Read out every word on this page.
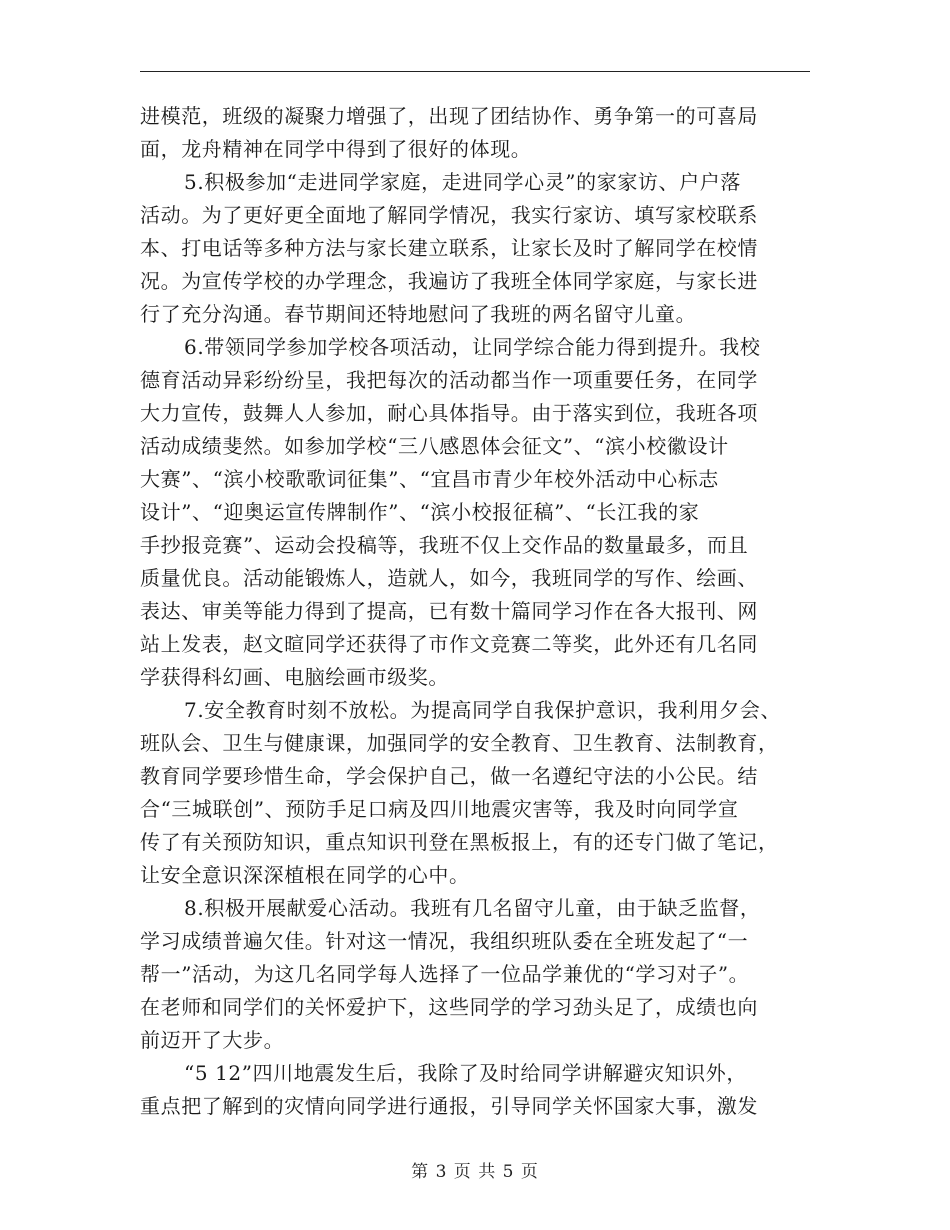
进模范，班级的凝聚力增强了，出现了团结协作、勇争第一的可喜局
面，龙舟精神在同学中得到了很好的体现。
5.积极参加“走进同学家庭，走进同学心灵”的家家访、户户落
活动。为了更好更全面地了解同学情况，我实行家访、填写家校联系
本、打电话等多种方法与家长建立联系，让家长及时了解同学在校情
况。为宣传学校的办学理念，我遍访了我班全体同学家庭，与家长进
行了充分沟通。春节期间还特地慰问了我班的两名留守儿童。
6.带领同学参加学校各项活动，让同学综合能力得到提升。我校
德育活动异彩纷纷呈，我把每次的活动都当作一项重要任务，在同学
大力宣传，鼓舞人人参加，耐心具体指导。由于落实到位，我班各项
活动成绩斐然。如参加学校“三八感恩体会征文”、“滨小校徽设计
大赛”、“滨小校歌歌词征集”、“宜昌市青少年校外活动中心标志
设计”、“迎奥运宣传牌制作”、“滨小校报征稿”、“长江我的家
手抄报竞赛”、运动会投稿等，我班不仅上交作品的数量最多，而且
质量优良。活动能锻炼人，造就人，如今，我班同学的写作、绘画、
表达、审美等能力得到了提高，已有数十篇同学习作在各大报刊、网
站上发表，赵文暄同学还获得了市作文竞赛二等奖，此外还有几名同
学获得科幻画、电脑绘画市级奖。
7.安全教育时刻不放松。为提高同学自我保护意识，我利用夕会、
班队会、卫生与健康课，加强同学的安全教育、卫生教育、法制教育，
教育同学要珍惜生命，学会保护自己，做一名遵纪守法的小公民。结
合“三城联创”、预防手足口病及四川地震灾害等，我及时向同学宣
传了有关预防知识，重点知识刊登在黑板报上，有的还专门做了笔记，
让安全意识深深植根在同学的心中。
8.积极开展献爱心活动。我班有几名留守儿童，由于缺乏监督，
学习成绩普遍欠佳。针对这一情况，我组织班队委在全班发起了“一
帮一”活动，为这几名同学每人选择了一位品学兼优的“学习对子”。
在老师和同学们的关怀爱护下，这些同学的学习劲头足了，成绩也向
前迈开了大步。
“5 12”四川地震发生后，我除了及时给同学讲解避灾知识外，
重点把了解到的灾情向同学进行通报，引导同学关怀国家大事，激发
第 3 页 共 5 页
